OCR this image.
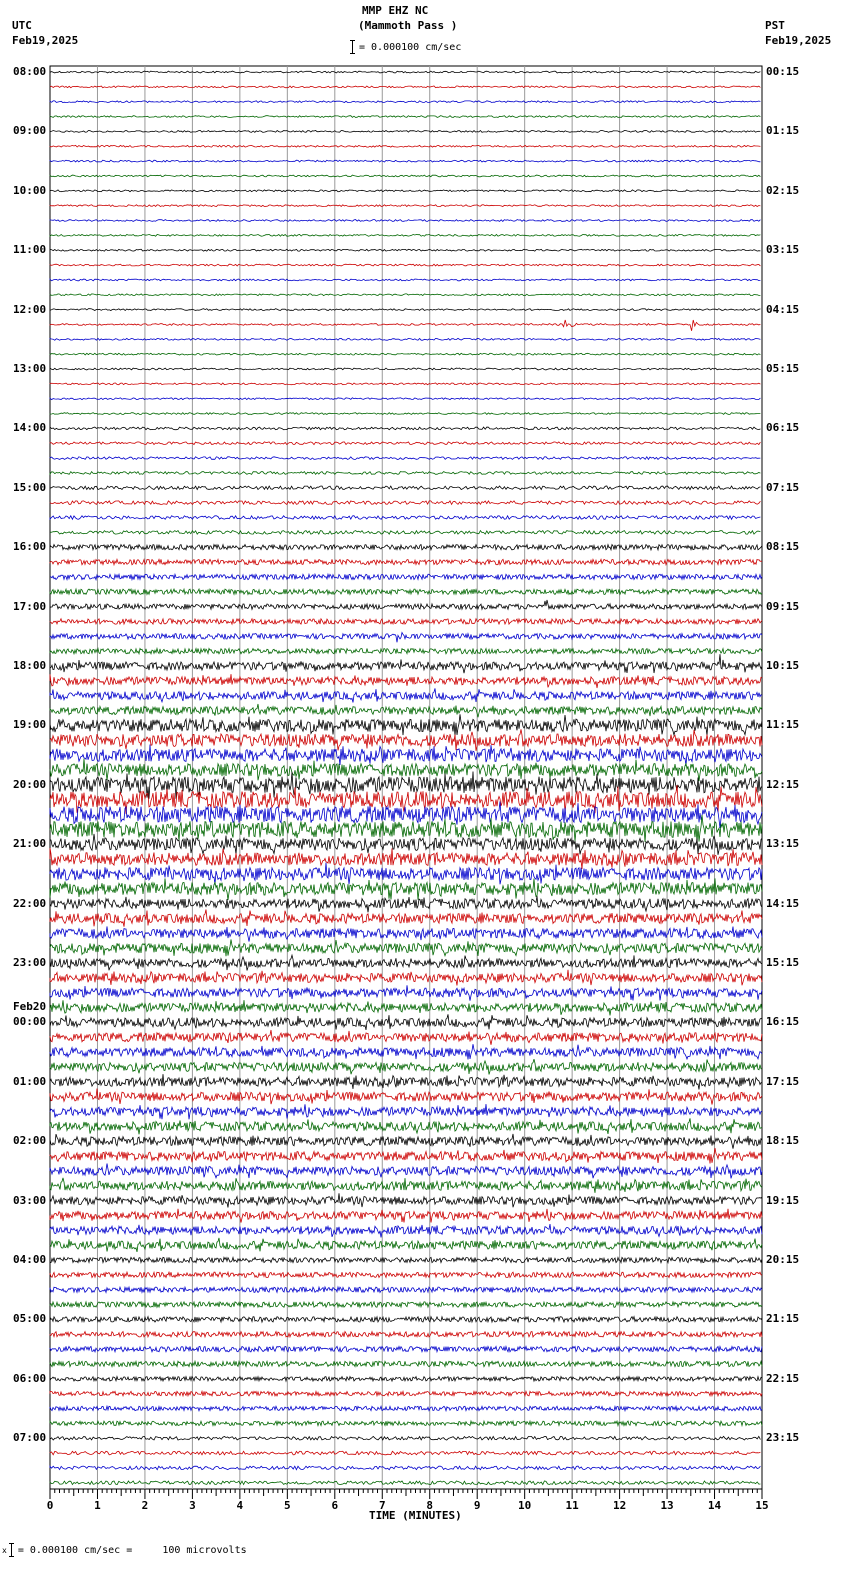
MMP EHZ NC
(Mammoth Pass )
= 0.000100 cm/sec
UTC
Feb19,2025
PST
Feb19,2025
08:00
09:00
10:00
11:00
12:00
13:00
14:00
15:00
16:00
17:00
18:00
19:00
20:00
21:00
22:00
23:00
00:00
Feb20
01:00
02:00
03:00
04:00
05:00
06:00
07:00
00:15
01:15
02:15
03:15
04:15
05:15
06:15
07:15
08:15
09:15
10:15
11:15
12:15
13:15
14:15
15:15
16:15
17:15
18:15
19:15
20:15
21:15
22:15
23:15
0	1	2	3	4	5	6	7	8	9	10	11	12	13	14	15
TIME (MINUTES)
x = 0.000100 cm/sec =     100 microvolts
